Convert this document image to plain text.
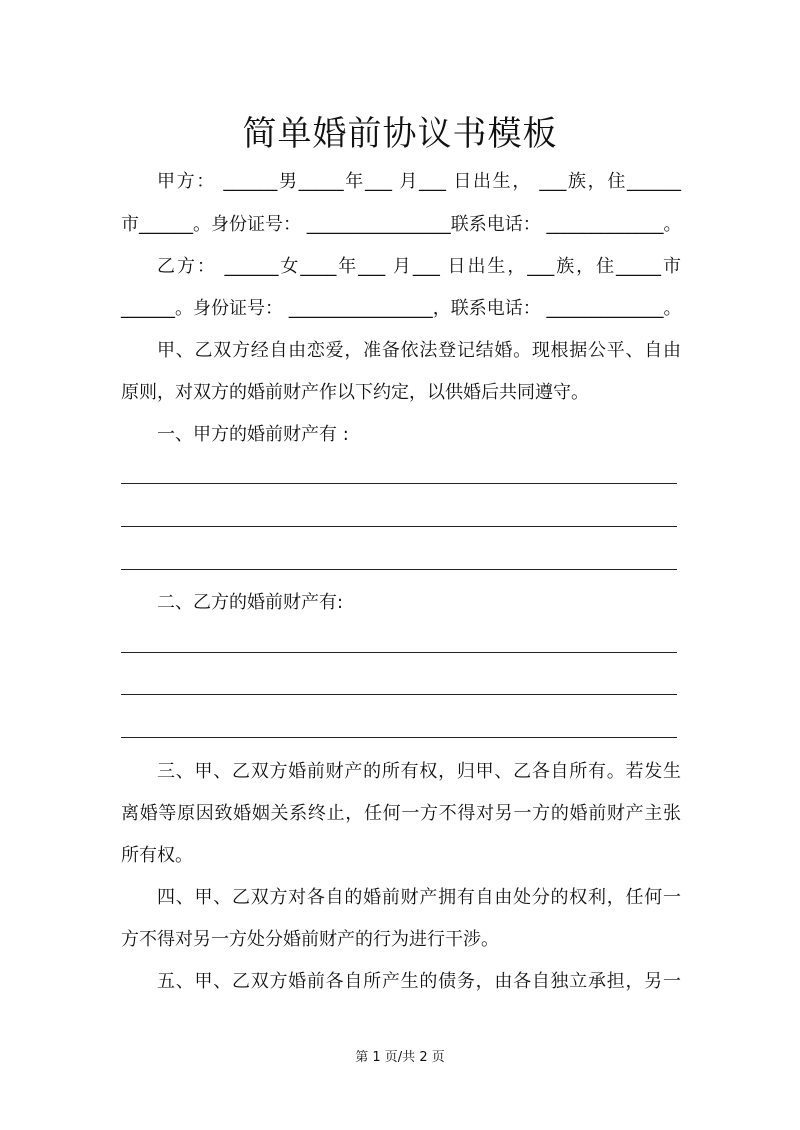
简单婚前协议书模板
甲方： ______男_____年___ 月___ 日出生， ___族，住______
市______。身份证号： ________________联系电话： _____________。
乙方： ______女____年___ 月___ 日出生，___族，住_____市
______。身份证号： ________________，联系电话： _____________。
甲、乙双方经自由恋爱，准备依法登记结婚。现根据公平、自由
原则，对双方的婚前财产作以下约定，以供婚后共同遵守。
一、甲方的婚前财产有 :
二、乙方的婚前财产有:
三、甲、乙双方婚前财产的所有权，归甲、乙各自所有。若发生
离婚等原因致婚姻关系终止，任何一方不得对另一方的婚前财产主张
所有权。
四、甲、乙双方对各自的婚前财产拥有自由处分的权利，任何一
方不得对另一方处分婚前财产的行为进行干涉。
五、甲、乙双方婚前各自所产生的债务，由各自独立承担，另一
第 1 页/共 2 页
